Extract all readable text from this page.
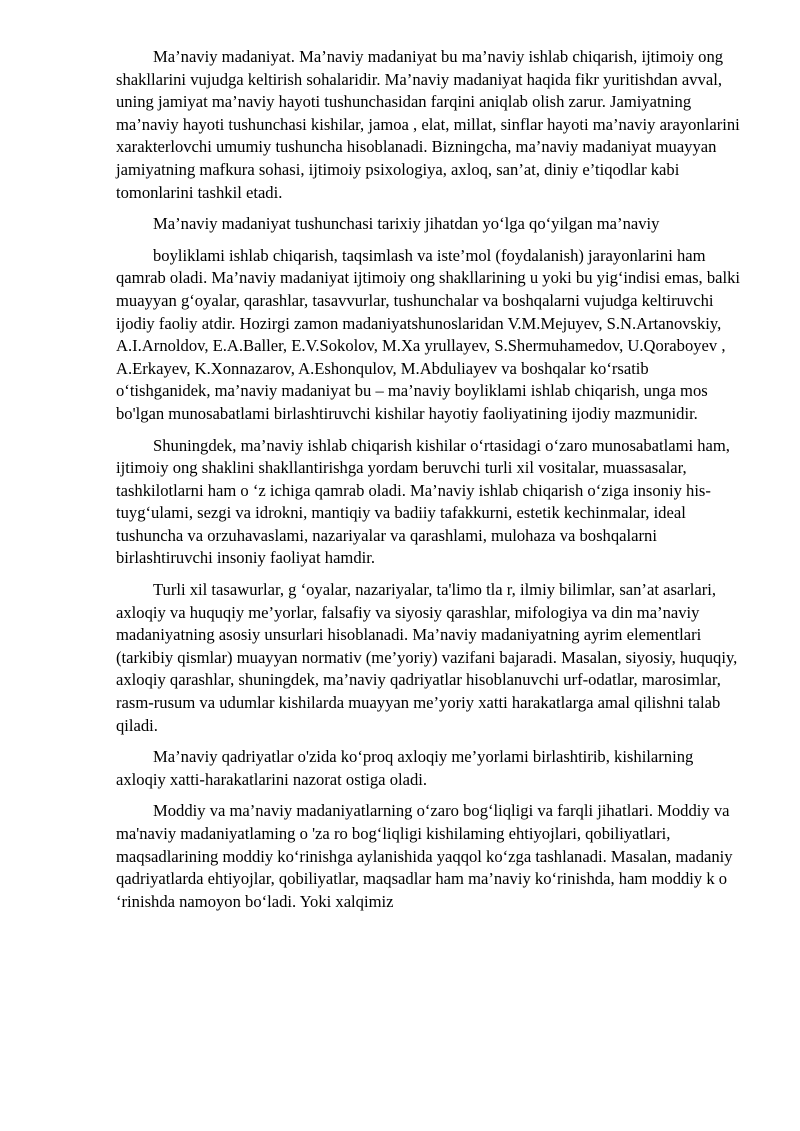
Ma’naviy madaniyat. Ma’naviy madaniyat bu ma’naviy ishlab chiqarish, ijtimoiy ong shakllarini vujudga keltirish sohalaridir. Ma’naviy madaniyat haqida fikr yuritishdan avval, uning jamiyat ma’naviy hayoti tushunchasidan farqini aniqlab olish zarur. Jamiyatning ma’naviy hayoti tushunchasi kishilar, jamoa , elat, millat, sinflar hayoti ma’naviy arayonlarini xarakterlovchi umumiy tushuncha hisoblanadi. Bizningcha, ma’naviy madaniyat muayyan jamiyatning mafkura sohasi, ijtimoiy psixologiya, axloq, san’at, diniy e’tiqodlar kabi tomonlarini tashkil etadi.

Ma’naviy madaniyat tushunchasi tarixiy jihatdan yo‘lga qo‘yilgan ma’naviy

boyliklami ishlab chiqarish, taqsimlash va iste’mol (foydalanish) jarayonlarini ham qamrab oladi. Ma’naviy madaniyat ijtimoiy ong shakllarining u yoki bu yig‘indisi emas, balki muayyan g‘oyalar, qarashlar, tasavvurlar, tushunchalar va boshqalarni vujudga keltiruvchi ijodiy faoliy atdir. Hozirgi zamon madaniyatshunoslaridan V.M.Mejuyev, S.N.Artanovskiy, A.I.Arnoldov, E.A.Baller, E.V.Sokolov, M.Xa yrullayev, S.Shermuhamedov, U.Qoraboyev , A.Erkayev, K.Xonnazarov, A.Eshonqulov, M.Abduliayev va boshqalar ko‘rsatib o‘tishganidek, ma’naviy madaniyat bu – ma’naviy boyliklami ishlab chiqarish, unga mos bo'lgan munosabatlami birlashtiruvchi kishilar hayotiy faoliyatining ijodiy mazmunidir.

Shuningdek, ma’naviy ishlab chiqarish kishilar o‘rtasidagi o‘zaro munosabatlami ham, ijtimoiy ong shaklini shakllantirishga yordam beruvchi turli xil vositalar, muassasalar, tashkilotlarni ham o ‘z ichiga qamrab oladi. Ma’naviy ishlab chiqarish o‘ziga insoniy his-tuyg‘ulami, sezgi va idrokni, mantiqiy va badiiy tafakkurni, estetik kechinmalar, ideal tushuncha va orzuhavaslami, nazariyalar va qarashlami, mulohaza va boshqalarni birlashtiruvchi insoniy faoliyat hamdir.

Turli xil tasawurlar, g ‘oyalar, nazariyalar, ta'limo tla r, ilmiy bilimlar, san’at asarlari, axloqiy va huquqiy me’yorlar, falsafiy va siyosiy qarashlar, mifologiya va din ma’naviy madaniyatning asosiy unsurlari hisoblanadi. Ma’naviy madaniyatning ayrim elementlari (tarkibiy qismlar) muayyan normativ (me’yoriy) vazifani bajaradi. Masalan, siyosiy, huquqiy, axloqiy qarashlar, shuningdek, ma’naviy qadriyatlar hisoblanuvchi urf-odatlar, marosimlar, rasm-rusum va udumlar kishilarda muayyan me’yoriy xatti harakatlarga amal qilishni talab qiladi.

Ma’naviy qadriyatlar o'zida ko‘proq axloqiy me’yorlami birlashtirib, kishilarning axloqiy xatti-harakatlarini nazorat ostiga oladi.

Moddiy va ma’naviy madaniyatlarning o‘zaro bog‘liqligi va farqli jihatlari. Moddiy va ma'naviy madaniyatlaming o 'za ro bog‘liqligi kishilaming ehtiyojlari, qobiliyatlari, maqsadlarining moddiy ko‘rinishga aylanishida yaqqol ko‘zga tashlanadi. Masalan, madaniy qadriyatlarda ehtiyojlar, qobiliyatlar, maqsadlar ham ma’naviy ko‘rinishda, ham moddiy k o ‘rinishda namoyon bo‘ladi. Yoki xalqimiz
